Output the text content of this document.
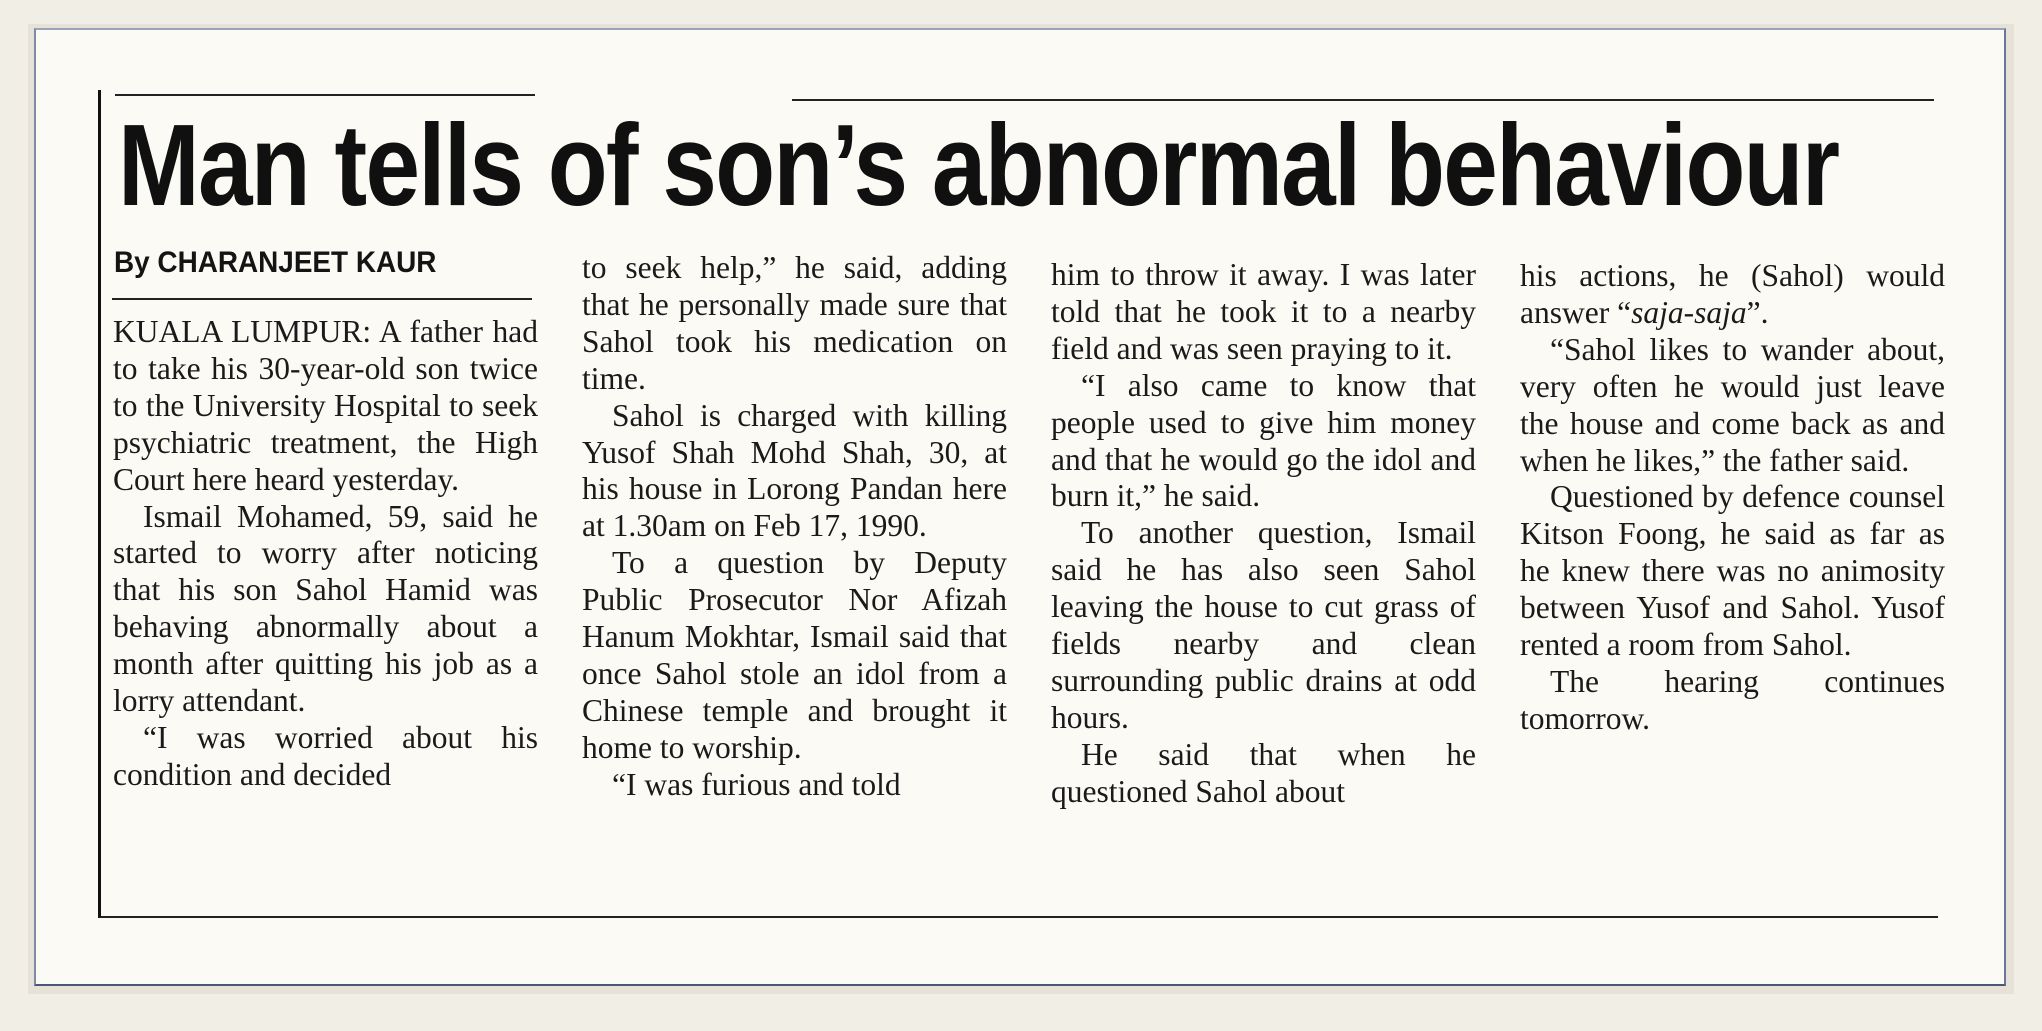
Man tells of son’s abnormal behaviour
By CHARANJEET KAUR

KUALA LUMPUR: A father had to take his 30-year-old son twice to the University Hospital to seek psychiatric treatment, the High Court here heard yesterday.

Ismail Mohamed, 59, said he started to worry after noticing that his son Sahol Hamid was behaving abnormally about a month after quitting his job as a lorry attendant.

“I was worried about his condition and decided

to seek help,” he said, adding that he personally made sure that Sahol took his medication on time.

Sahol is charged with killing Yusof Shah Mohd Shah, 30, at his house in Lorong Pandan here at 1.30am on Feb 17, 1990.

To a question by Deputy Public Prosecutor Nor Afizah Hanum Mokhtar, Ismail said that once Sahol stole an idol from a Chinese temple and brought it home to worship.

“I was furious and told

him to throw it away. I was later told that he took it to a nearby field and was seen praying to it.

“I also came to know that people used to give him money and that he would go the idol and burn it,” he said.

To another question, Ismail said he has also seen Sahol leaving the house to cut grass of fields nearby and clean surrounding public drains at odd hours.

He said that when he questioned Sahol about

his actions, he (Sahol) would answer “saja-saja”.

“Sahol likes to wander about, very often he would just leave the house and come back as and when he likes,” the father said.

Questioned by defence counsel Kitson Foong, he said as far as he knew there was no animosity between Yusof and Sahol. Yusof rented a room from Sahol.

The hearing continues tomorrow.
